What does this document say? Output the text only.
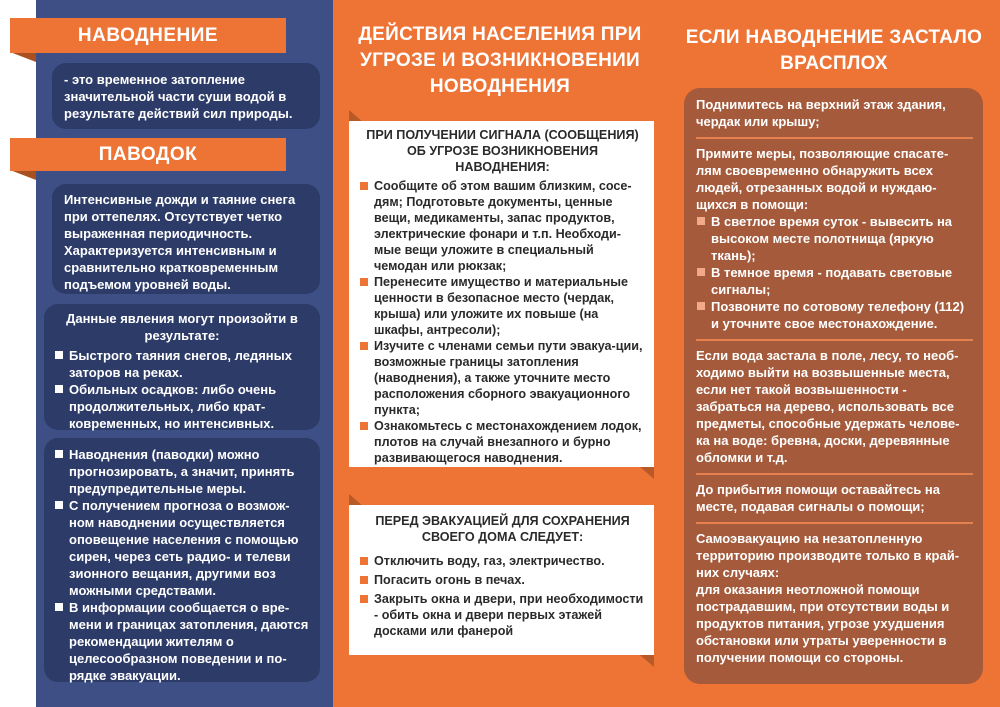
НАВОДНЕНИЕ
- это временное затопление значительной части суши водой в результате действий сил природы.
ПАВОДОК
Интенсивные дожди и таяние снега при оттепелях. Отсутствует четко выраженная периодичность. Характеризуется интенсивным и сравнительно кратковременным подъемом уровней воды.
Данные явления могут произойти в результате:
Быстрого таяния снегов, ледяных заторов на реках.
Обильных осадков: либо очень продолжительных, либо крат-ковременных, но интенсивных.
Наводнения (паводки) можно прогнозировать, а значит, принять предупредительные меры.
С получением прогноза о возмож-ном наводнении осуществляется оповещение населения с помощью сирен, через сеть радио- и телеви зионного вещания, другими воз можными средствами.
В информации сообщается о вре-мени и границах затопления, даются рекомендации жителям о целесообразном поведении и по-рядке эвакуации.
ДЕЙСТВИЯ НАСЕЛЕНИЯ ПРИ УГРОЗЕ И ВОЗНИКНОВЕНИИ НОВОДНЕНИЯ
ПРИ ПОЛУЧЕНИИ СИГНАЛА (СООБЩЕНИЯ) ОБ УГРОЗЕ ВОЗНИКНОВЕНИЯ НАВОДНЕНИЯ:
Сообщите об этом вашим близким, сосе-дям; Подготовьте документы, ценные вещи, медикаменты, запас продуктов, электрические фонари и т.п. Необходи-мые вещи уложите в специальный чемодан или рюкзак;
Перенесите имущество и материальные ценности в безопасное место (чердак, крыша) или уложите их повыше (на шкафы, антресоли);
Изучите с членами семьи пути эвакуа-ции, возможные границы затопления (наводнения), а также уточните место расположения сборного эвакуационного пункта;
Ознакомьтесь с местонахождением лодок, плотов на случай внезапного и бурно развивающегося наводнения.
ПЕРЕД ЭВАКУАЦИЕЙ ДЛЯ СОХРАНЕНИЯ СВОЕГО ДОМА СЛЕДУЕТ:
Отключить воду, газ, электричество.
Погасить огонь в печах.
Закрыть окна и двери, при необходимости - обить окна и двери первых этажей досками или фанерой
ЕСЛИ НАВОДНЕНИЕ ЗАСТАЛО ВРАСПЛОХ
Поднимитесь на верхний этаж здания, чердак или крышу;
Примите меры, позволяющие спасате-лям своевременно обнаружить всех людей, отрезанных водой и нуждаю-щихся в помощи:
В светлое время суток - вывесить на высоком месте полотнища (яркую ткань);
В темное время - подавать световые сигналы;
Позвоните по сотовому телефону (112) и уточните свое местонахождение.
Если вода застала в поле, лесу, то необ-ходимо выйти на возвышенные места, если нет такой возвышенности - забраться на дерево, использовать все предметы, способные удержать челове-ка на воде: бревна, доски, деревянные обломки и т.д.
До прибытия помощи оставайтесь на месте, подавая сигналы о помощи;
Самоэвакуацию на незатопленную территорию производите только в край-них случаях:
для оказания неотложной помощи пострадавшим, при отсутствии воды и продуктов питания, угрозе ухудшения обстановки или утраты уверенности в получении помощи со стороны.
